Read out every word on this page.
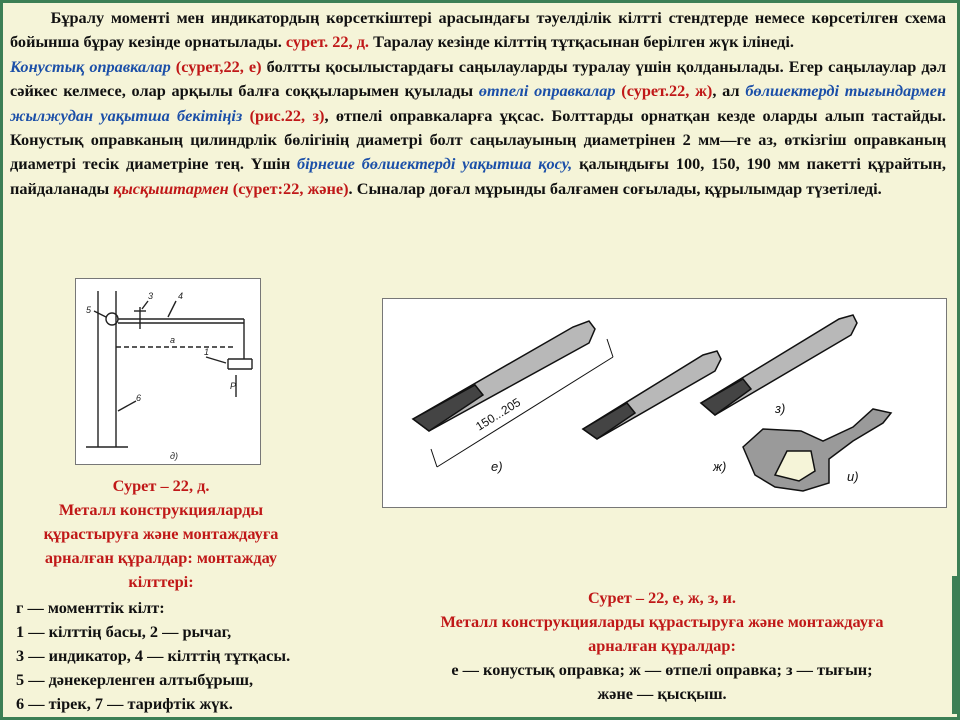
Бұралу моменті мен индикатордың көрсеткіштері арасындағы тәуелділік кілтті стендтерде немесе көрсетілген схема бойынша бұрау кезінде орнатылады. сурет. 22, д. Таралау кезінде кілттің тұтқасынан берілген жүк ілінеді.

Конустық оправкалар (сурет,22, е) болтты қосылыстардағы саңылауларды туралау үшін қолданылады. Егер саңылаулар дәл сәйкес келмесе, олар арқылы балға соққыларымен қуылады өтпелі оправкалар (сурет.22, ж), ал бөлшектерді тығындармен жылжудан уақытша бекітіңіз (рис.22, з), өтпелі оправкаларға ұқсас. Болттарды орнатқан кезде оларды алып тастайды. Конустық оправканың цилиндрлік бөлігінің диаметрі болт саңылауының диаметрінен 2 мм—ге аз, өткізгіш оправканың диаметрі тесік диаметріне тең. Үшін бірнеше бөлшектерді уақытша қосу, қалыңдығы 100, 150, 190 мм пакетті құрайтын, пайдаланады қысқыштармен (сурет:22, және). Сыналар доғал мұрынды балғамен соғылады, құрылымдар түзетіледі.

5
3	4
a
1
P
6
д)
150...205
е)	ж)
з)
и)
Сурет – 22, д.
Металл конструкцияларды
құрастыруға және монтаждауға
арналған құралдар: монтаждау
кілттері:
г — моменттік кілт:
1 — кілттің басы, 2 — рычаг,
3 — индикатор, 4 — кілттің тұтқасы.
5 — дәнекерленген алтыбұрыш,
6 — тірек, 7 — тарифтік жүк.
Сурет – 22, е, ж, з, и.
Металл конструкцияларды құрастыруға және монтаждауға
арналған құралдар:
е — конустық оправка; ж — өтпелі оправка; з — тығын;
және — қысқыш.
